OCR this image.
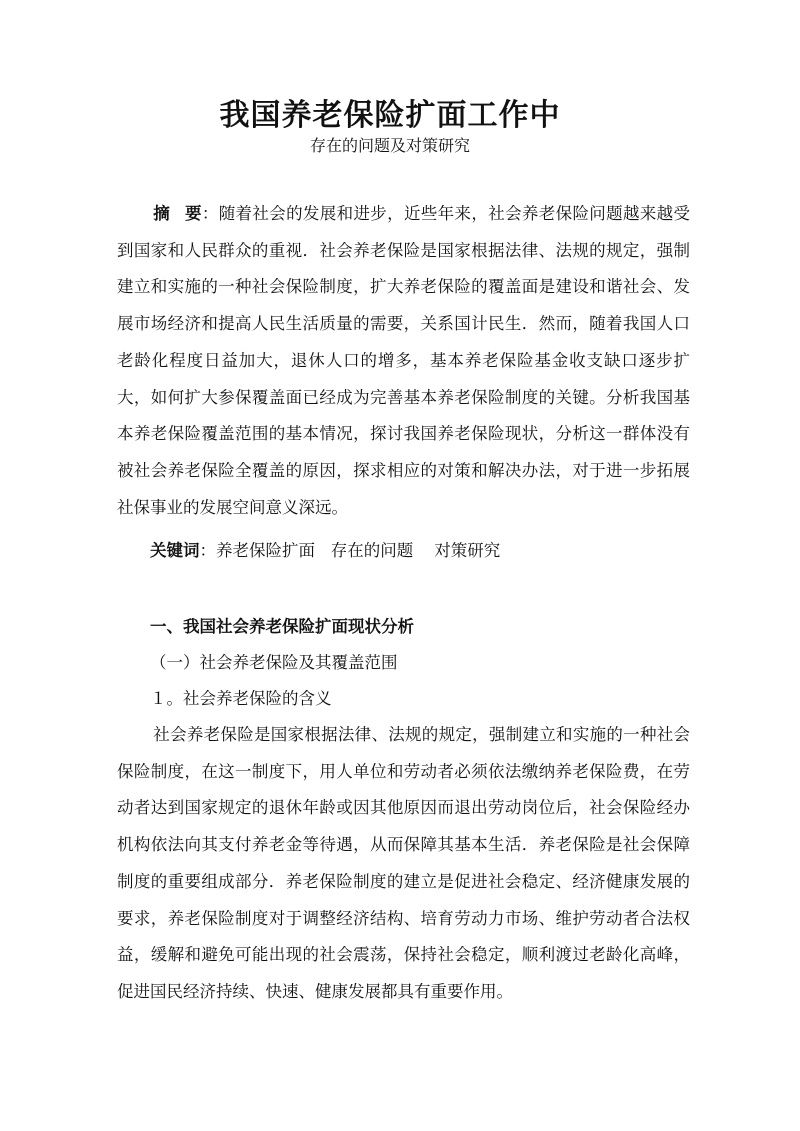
我国养老保险扩面工作中
存在的问题及对策研究

摘要：随着社会的发展和进步，近些年来，社会养老保险问题越来越受到国家和人民群众的重视．社会养老保险是国家根据法律、法规的规定，强制建立和实施的一种社会保险制度，扩大养老保险的覆盖面是建设和谐社会、发展市场经济和提高人民生活质量的需要，关系国计民生．然而，随着我国人口老龄化程度日益加大，退休人口的增多，基本养老保险基金收支缺口逐步扩大，如何扩大参保覆盖面已经成为完善基本养老保险制度的关键。分析我国基本养老保险覆盖范围的基本情况，探讨我国养老保险现状，分析这一群体没有被社会养老保险全覆盖的原因，探求相应的对策和解决办法，对于进一步拓展社保事业的发展空间意义深远。

关键词：养老保险扩面   存在的问题    对策研究
一、我国社会养老保险扩面现状分析
（一）社会养老保险及其覆盖范围
１。社会养老保险的含义

社会养老保险是国家根据法律、法规的规定，强制建立和实施的一种社会保险制度，在这一制度下，用人单位和劳动者必须依法缴纳养老保险费，在劳动者达到国家规定的退休年龄或因其他原因而退出劳动岗位后，社会保险经办机构依法向其支付养老金等待遇，从而保障其基本生活．养老保险是社会保障制度的重要组成部分．养老保险制度的建立是促进社会稳定、经济健康发展的要求，养老保险制度对于调整经济结构、培育劳动力市场、维护劳动者合法权益，缓解和避免可能出现的社会震荡，保持社会稳定，顺利渡过老龄化高峰，促进国民经济持续、快速、健康发展都具有重要作用。
